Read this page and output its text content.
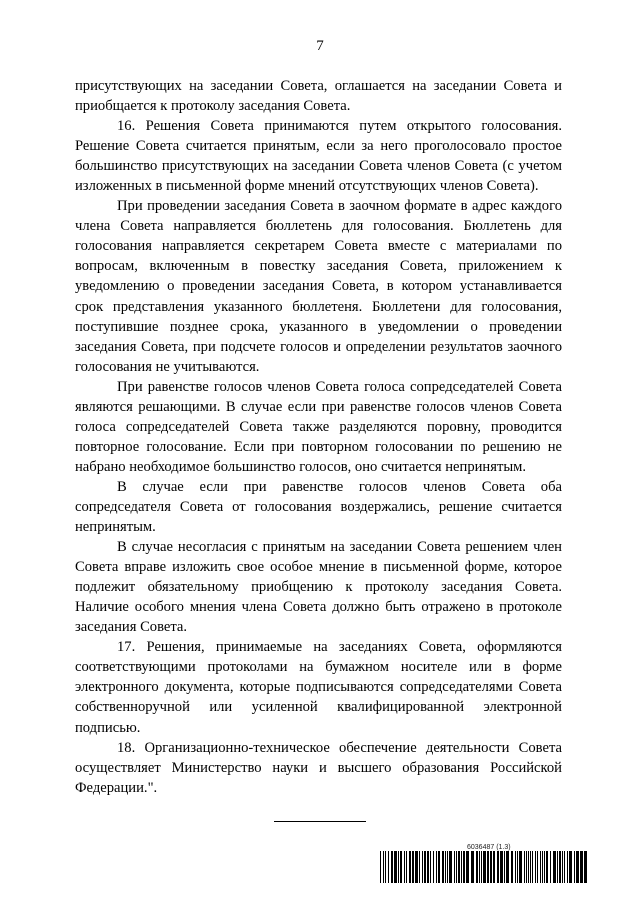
7

присутствующих на заседании Совета, оглашается на заседании Совета и приобщается к протоколу заседания Совета.

16. Решения Совета принимаются путем открытого голосования. Решение Совета считается принятым, если за него проголосовало простое большинство присутствующих на заседании Совета членов Совета (с учетом изложенных в письменной форме мнений отсутствующих членов Совета).

При проведении заседания Совета в заочном формате в адрес каждого члена Совета направляется бюллетень для голосования. Бюллетень для голосования направляется секретарем Совета вместе с материалами по вопросам, включенным в повестку заседания Совета, приложением к уведомлению о проведении заседания Совета, в котором устанавливается срок представления указанного бюллетеня. Бюллетени для голосования, поступившие позднее срока, указанного в уведомлении о проведении заседания Совета, при подсчете голосов и определении результатов заочного голосования не учитываются.

При равенстве голосов членов Совета голоса сопредседателей Совета являются решающими. В случае если при равенстве голосов членов Совета голоса сопредседателей Совета также разделяются поровну, проводится повторное голосование. Если при повторном голосовании по решению не набрано необходимое большинство голосов, оно считается непринятым.

В случае если при равенстве голосов членов Совета оба сопредседателя Совета от голосования воздержались, решение считается непринятым.

В случае несогласия с принятым на заседании Совета решением член Совета вправе изложить свое особое мнение в письменной форме, которое подлежит обязательному приобщению к протоколу заседания Совета. Наличие особого мнения члена Совета должно быть отражено в протоколе заседания Совета.

17. Решения, принимаемые на заседаниях Совета, оформляются соответствующими протоколами на бумажном носителе или в форме электронного документа, которые подписываются сопредседателями Совета собственноручной или усиленной квалифицированной электронной подписью.

18. Организационно-техническое обеспечение деятельности Совета осуществляет Министерство науки и высшего образования Российской Федерации.".

6036487 (1.3)
